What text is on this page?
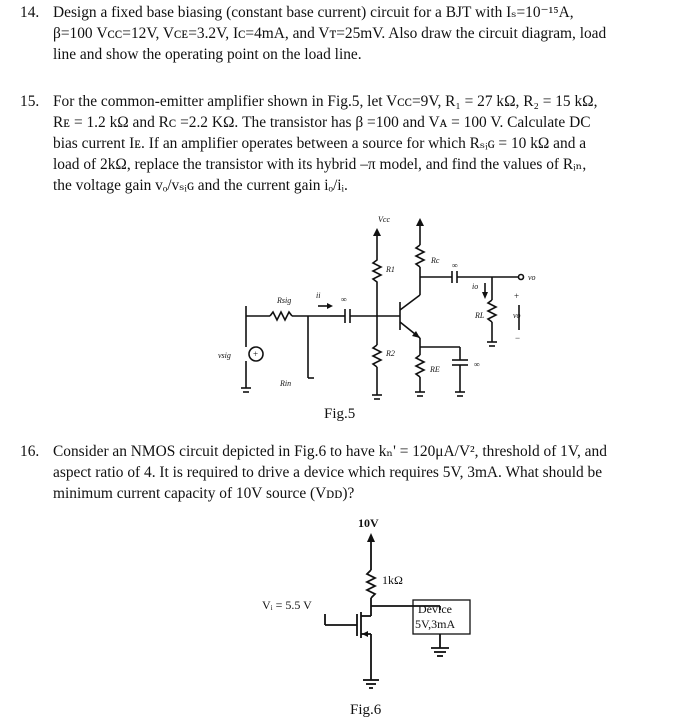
14. Design a fixed base biasing (constant base current) circuit for a BJT with Iₛ=10⁻¹⁵A,
β=100 Vᴄᴄ=12V, Vᴄᴇ=3.2V, Iᴄ=4mA, and Vᴛ=25mV. Also draw the circuit diagram, load
line and show the operating point on the load line.
15. For the common-emitter amplifier shown in Fig.5, let Vᴄᴄ=9V, R₁ = 27 kΩ, R₂ = 15 kΩ,
Rᴇ = 1.2 kΩ and Rᴄ =2.2 KΩ. The transistor has β =100 and Vᴀ = 100 V. Calculate DC
bias current Iᴇ. If an amplifier operates between a source for which Rₛᵢɢ = 10 kΩ and a
load of 2kΩ, replace the transistor with its hybrid –π model, and find the values of Rᵢₙ,
the voltage gain vₒ/vₛᵢɢ and the current gain iₒ/iᵢ.
Vcc
Rc
R1
R2
RE
Rsig
ii
vsig
Rin
RL
io
vo
vo
∞
∞
∞
+
+
−
Fig.5
16. Consider an NMOS circuit depicted in Fig.6 to have kₙ' = 120μA/V², threshold of 1V, and
aspect ratio of 4. It is required to drive a device which requires 5V, 3mA. What should be
minimum current capacity of 10V source (Vᴅᴅ)?
10V
1kΩ
Vᵢ = 5.5 V	Device
5V,3mA
Fig.6
